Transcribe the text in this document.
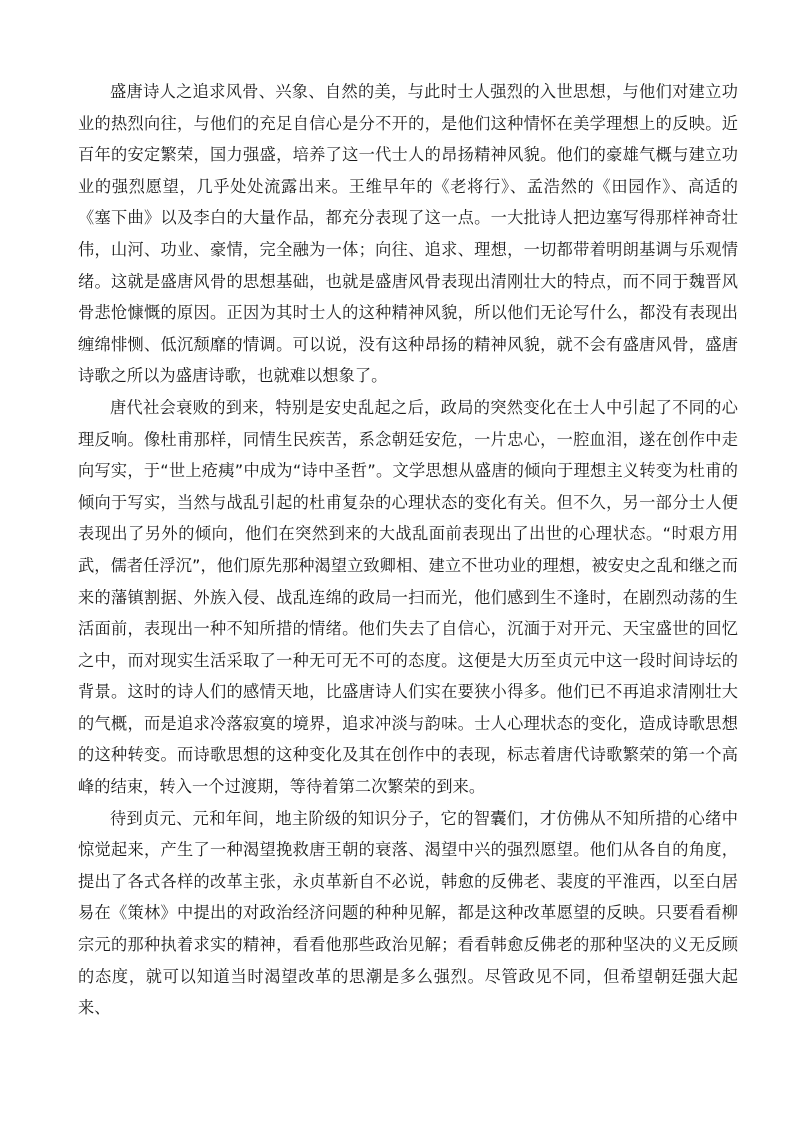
盛唐诗人之追求风骨、兴象、自然的美，与此时士人强烈的入世思想，与他们对建立功业的热烈向往，与他们的充足自信心是分不开的，是他们这种情怀在美学理想上的反映。近百年的安定繁荣，国力强盛，培养了这一代士人的昂扬精神风貌。他们的豪雄气概与建立功业的强烈愿望，几乎处处流露出来。王维早年的《老将行》、孟浩然的《田园作》、高适的《塞下曲》以及李白的大量作品，都充分表现了这一点。一大批诗人把边塞写得那样神奇壮伟，山河、功业、豪情，完全融为一体；向往、追求、理想，一切都带着明朗基调与乐观情绪。这就是盛唐风骨的思想基础，也就是盛唐风骨表现出清刚壮大的特点，而不同于魏晋风骨悲怆慷慨的原因。正因为其时士人的这种精神风貌，所以他们无论写什么，都没有表现出缠绵悱恻、低沉颓靡的情调。可以说，没有这种昂扬的精神风貌，就不会有盛唐风骨，盛唐诗歌之所以为盛唐诗歌，也就难以想象了。

唐代社会衰败的到来，特别是安史乱起之后，政局的突然变化在士人中引起了不同的心理反响。像杜甫那样，同情生民疾苦，系念朝廷安危，一片忠心，一腔血泪，遂在创作中走向写实，于“世上疮痍”中成为“诗中圣哲”。文学思想从盛唐的倾向于理想主义转变为杜甫的倾向于写实，当然与战乱引起的杜甫复杂的心理状态的变化有关。但不久，另一部分士人便表现出了另外的倾向，他们在突然到来的大战乱面前表现出了出世的心理状态。“时艰方用武，儒者任浮沉”，他们原先那种渴望立致卿相、建立不世功业的理想，被安史之乱和继之而来的藩镇割据、外族入侵、战乱连绵的政局一扫而光，他们感到生不逢时，在剧烈动荡的生活面前，表现出一种不知所措的情绪。他们失去了自信心，沉湎于对开元、天宝盛世的回忆之中，而对现实生活采取了一种无可无不可的态度。这便是大历至贞元中这一段时间诗坛的背景。这时的诗人们的感情天地，比盛唐诗人们实在要狭小得多。他们已不再追求清刚壮大的气概，而是追求冷落寂寞的境界，追求冲淡与韵味。士人心理状态的变化，造成诗歌思想的这种转变。而诗歌思想的这种变化及其在创作中的表现，标志着唐代诗歌繁荣的第一个高峰的结束，转入一个过渡期，等待着第二次繁荣的到来。

待到贞元、元和年间，地主阶级的知识分子，它的智囊们，才仿佛从不知所措的心绪中惊觉起来，产生了一种渴望挽救唐王朝的衰落、渴望中兴的强烈愿望。他们从各自的角度，提出了各式各样的改革主张，永贞革新自不必说，韩愈的反佛老、裴度的平淮西，以至白居易在《策林》中提出的对政治经济问题的种种见解，都是这种改革愿望的反映。只要看看柳宗元的那种执着求实的精神，看看他那些政治见解；看看韩愈反佛老的那种坚决的义无反顾的态度，就可以知道当时渴望改革的思潮是多么强烈。尽管政见不同，但希望朝廷强大起来、
